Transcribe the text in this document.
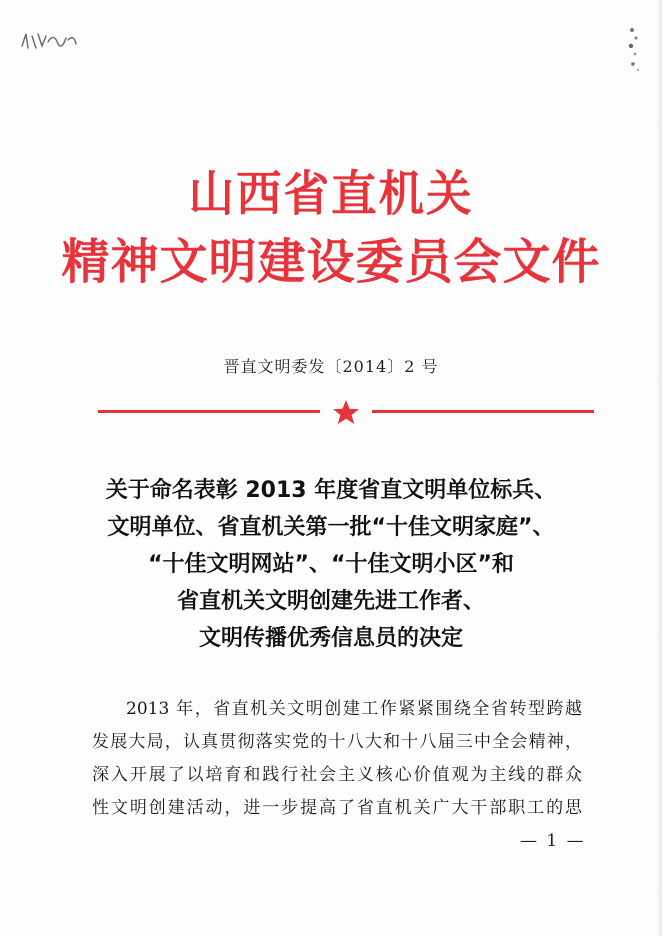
山西省直机关
精神文明建设委员会文件
晋直文明委发〔2014〕2 号
关于命名表彰 2013 年度省直文明单位标兵、
文明单位、省直机关第一批“十佳文明家庭”、
“十佳文明网站”、“十佳文明小区”和
省直机关文明创建先进工作者、
文明传播优秀信息员的决定
2013 年，省直机关文明创建工作紧紧围绕全省转型跨越
发展大局，认真贯彻落实党的十八大和十八届三中全会精神，
深入开展了以培育和践行社会主义核心价值观为主线的群众
性文明创建活动，进一步提高了省直机关广大干部职工的思
— 1 —
